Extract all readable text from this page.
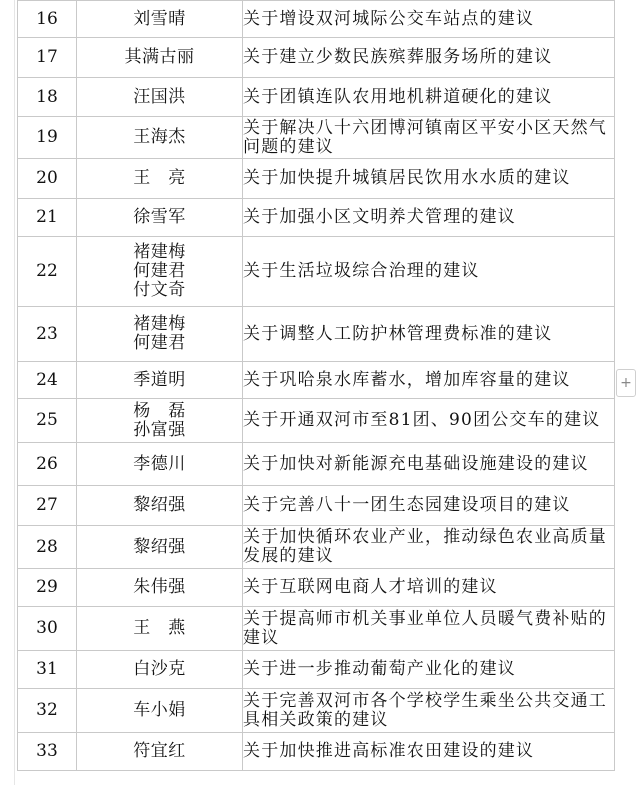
16	刘雪晴	关于增设双河城际公交车站点的建议

17	其满古丽	关于建立少数民族殡葬服务场所的建议

18	汪国洪	关于团镇连队农用地机耕道硬化的建议

19	王海杰	关于解决八十六团博河镇南区平安小区天然气问题的建议

20	王　亮	关于加快提升城镇居民饮用水水质的建议

21	徐雪军	关于加强小区文明养犬管理的建议

22	褚建梅
何建君
付文奇	关于生活垃圾综合治理的建议

23	褚建梅
何建君	关于调整人工防护林管理费标准的建议

24	季道明	关于巩哈泉水库蓄水，增加库容量的建议

25	杨　磊
孙富强	关于开通双河市至81团、90团公交车的建议

26	李德川	关于加快对新能源充电基础设施建设的建议

27	黎绍强	关于完善八十一团生态园建设项目的建议

28	黎绍强	关于加快循环农业产业，推动绿色农业高质量发展的建议

29	朱伟强	关于互联网电商人才培训的建议

30	王　燕	关于提高师市机关事业单位人员暖气费补贴的建议

31	白沙克	关于进一步推动葡萄产业化的建议

32	车小娟	关于完善双河市各个学校学生乘坐公共交通工具相关政策的建议

33	符宜红	关于加快推进高标准农田建设的建议
+
